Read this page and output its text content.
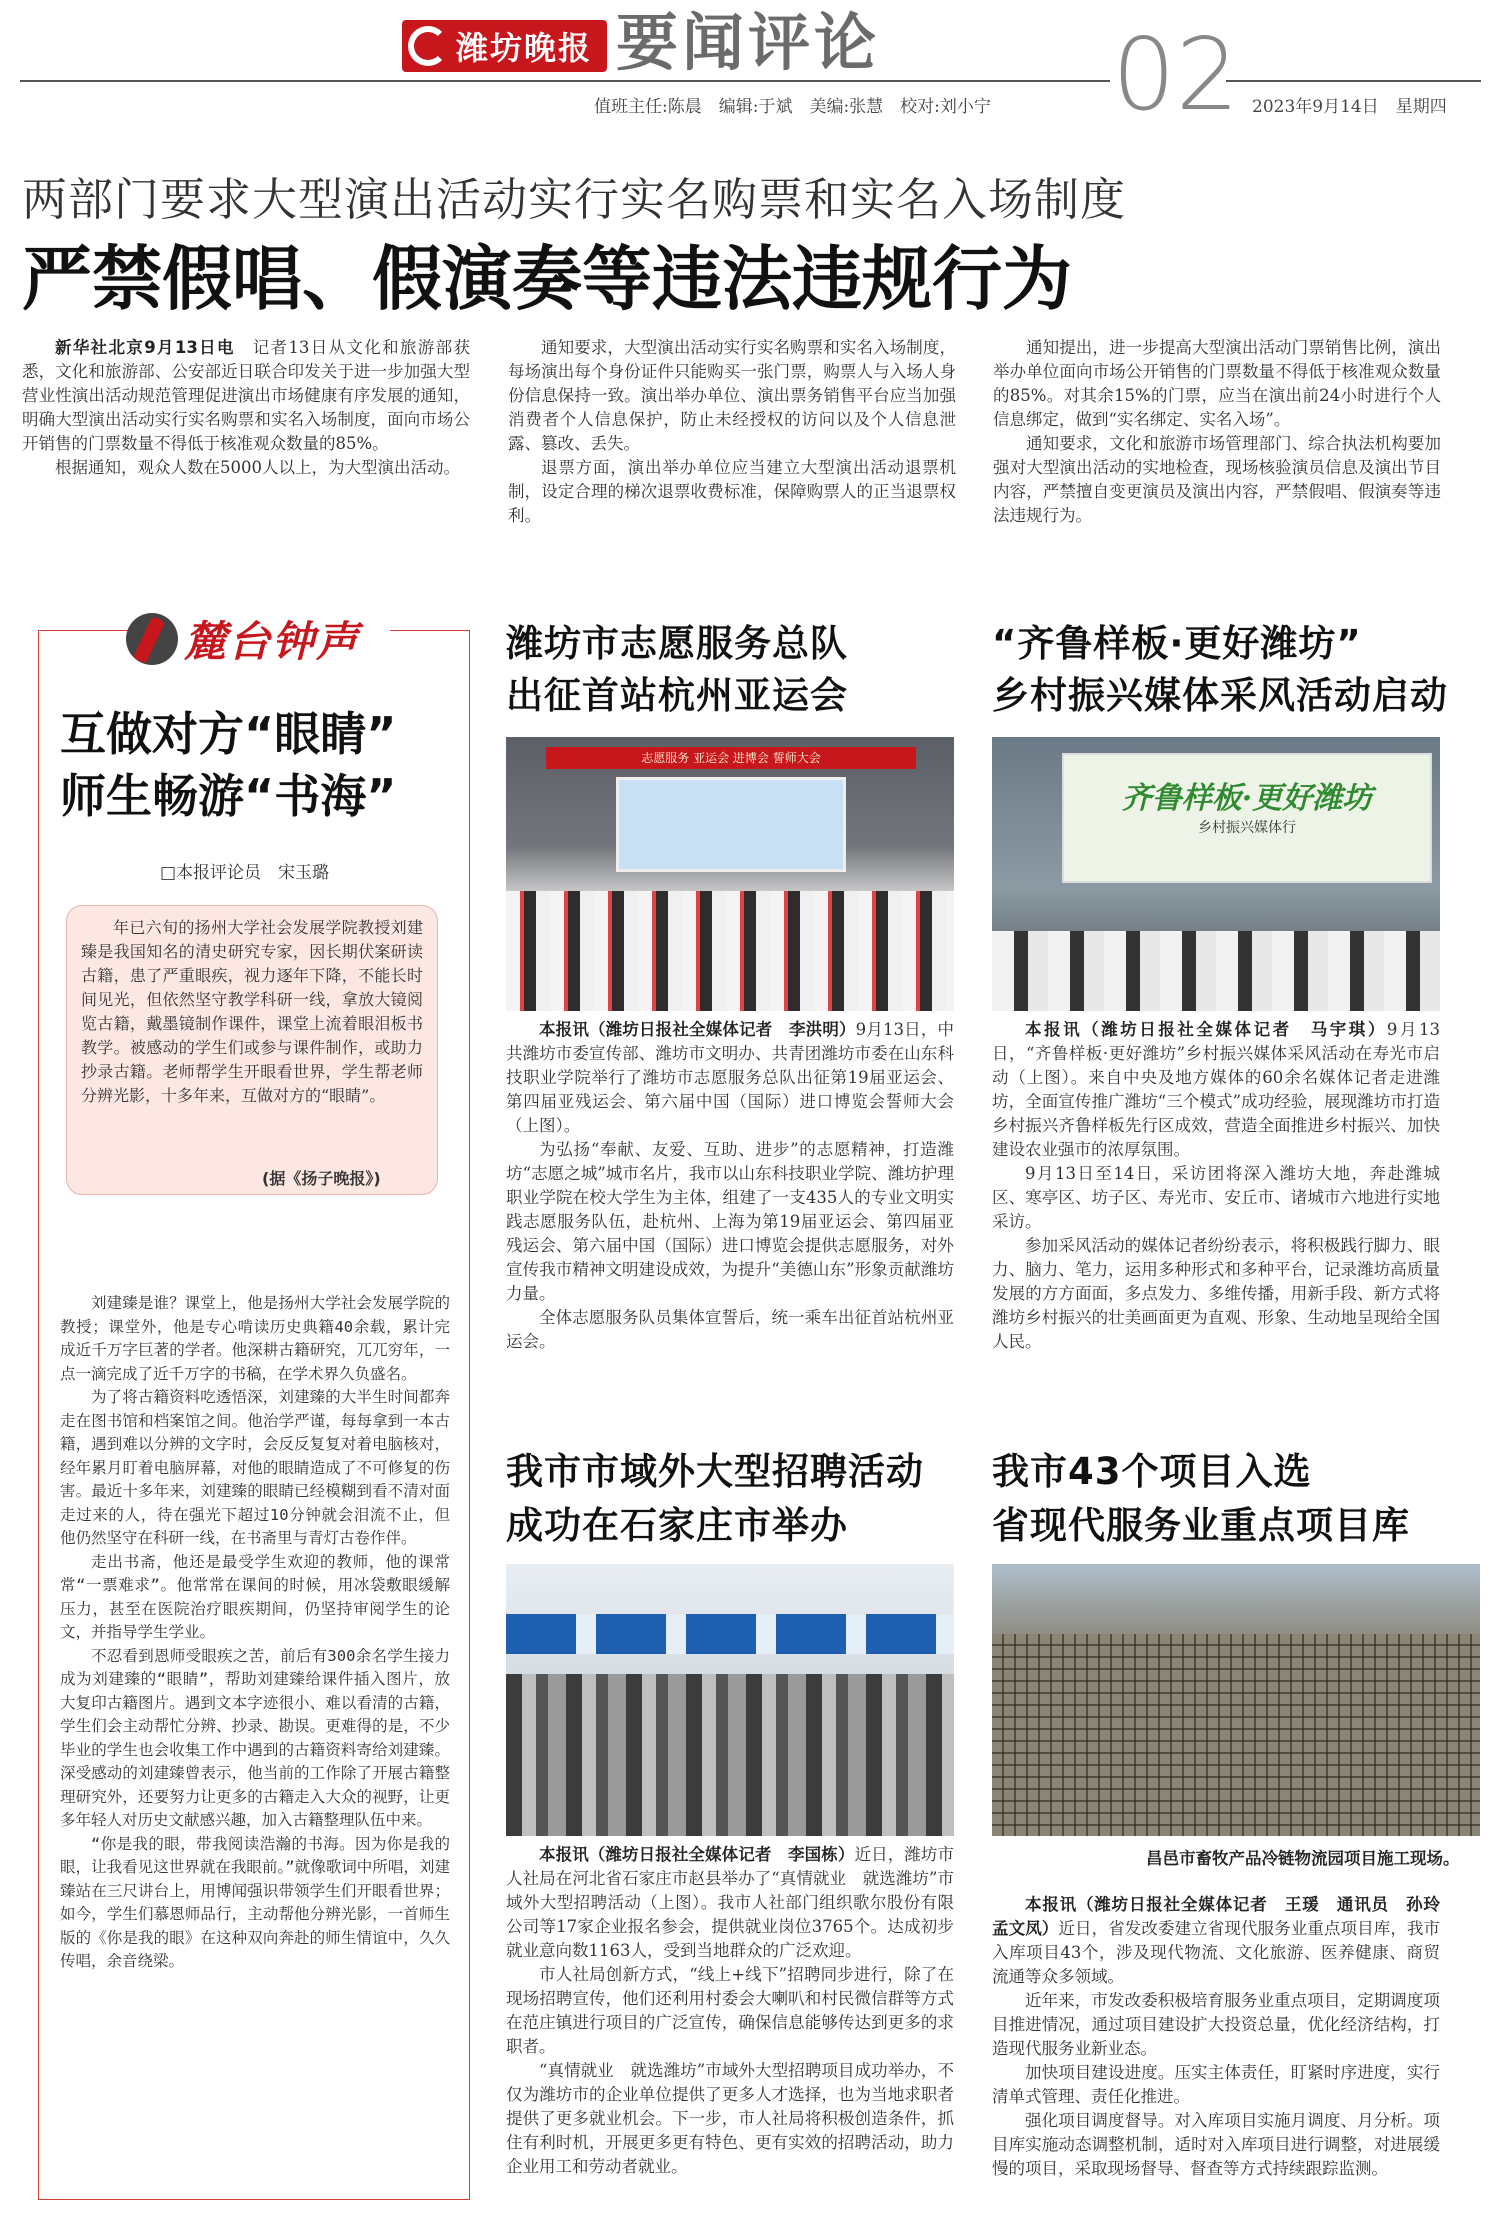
潍坊晚报 要闻评论
值班主任:陈晨　编辑:于斌　美编:张慧　校对:刘小宁 02 2023年9月14日　星期四
两部门要求大型演出活动实行实名购票和实名入场制度
严禁假唱、假演奏等违法违规行为

新华社北京9月13日电　 记者13日从文化和旅游部获悉，文化和旅游部、公安部近日联合印发关于进一步加强大型营业性演出活动规范管理促进演出市场健康有序发展的通知，明确大型演出活动实行实名购票和实名入场制度，面向市场公开销售的门票数量不得低于核准观众数量的85%。

根据通知，观众人数在5000人以上，为大型演出活动。

通知要求，大型演出活动实行实名购票和实名入场制度，每场演出每个身份证件只能购买一张门票，购票人与入场人身份信息保持一致。演出举办单位、演出票务销售平台应当加强消费者个人信息保护，防止未经授权的访问以及个人信息泄露、篡改、丢失。

退票方面，演出举办单位应当建立大型演出活动退票机制，设定合理的梯次退票收费标准，保障购票人的正当退票权利。

通知提出，进一步提高大型演出活动门票销售比例，演出举办单位面向市场公开销售的门票数量不得低于核准观众数量的85%。对其余15%的门票，应当在演出前24小时进行个人信息绑定，做到“实名绑定、实名入场”。

通知要求，文化和旅游市场管理部门、综合执法机构要加强对大型演出活动的实地检查，现场核验演员信息及演出节目内容，严禁擅自变更演员及演出内容，严禁假唱、假演奏等违法违规行为。

麓台钟声
互做对方“眼睛”
师生畅游“书海”
□本报评论员　宋玉璐
年已六旬的扬州大学社会发展学院教授刘建臻是我国知名的清史研究专家，因长期伏案研读古籍，患了严重眼疾，视力逐年下降，不能长时间见光，但依然坚守教学科研一线，拿放大镜阅览古籍，戴墨镜制作课件，课堂上流着眼泪板书教学。被感动的学生们或参与课件制作，或助力抄录古籍。老师帮学生开眼看世界，学生帮老师分辨光影，十多年来，互做对方的“眼睛”。
(据《扬子晚报》)

刘建臻是谁？课堂上，他是扬州大学社会发展学院的教授；课堂外，他是专心啃读历史典籍40余载，累计完成近千万字巨著的学者。他深耕古籍研究，兀兀穷年，一点一滴完成了近千万字的书稿，在学术界久负盛名。

为了将古籍资料吃透悟深，刘建臻的大半生时间都奔走在图书馆和档案馆之间。他治学严谨，每每拿到一本古籍，遇到难以分辨的文字时，会反反复复对着电脑核对，经年累月盯着电脑屏幕，对他的眼睛造成了不可修复的伤害。最近十多年来，刘建臻的眼睛已经模糊到看不清对面走过来的人，待在强光下超过10分钟就会泪流不止，但他仍然坚守在科研一线，在书斋里与青灯古卷作伴。

走出书斋，他还是最受学生欢迎的教师，他的课常常“一票难求”。他常常在课间的时候，用冰袋敷眼缓解压力，甚至在医院治疗眼疾期间，仍坚持审阅学生的论文，并指导学生学业。

不忍看到恩师受眼疾之苦，前后有300余名学生接力成为刘建臻的“眼睛”，帮助刘建臻给课件插入图片，放大复印古籍图片。遇到文本字迹很小、难以看清的古籍，学生们会主动帮忙分辨、抄录、勘误。更难得的是，不少毕业的学生也会收集工作中遇到的古籍资料寄给刘建臻。深受感动的刘建臻曾表示，他当前的工作除了开展古籍整理研究外，还要努力让更多的古籍走入大众的视野，让更多年轻人对历史文献感兴趣，加入古籍整理队伍中来。

“你是我的眼，带我阅读浩瀚的书海。因为你是我的眼，让我看见这世界就在我眼前。”就像歌词中所唱，刘建臻站在三尺讲台上，用博闻强识带领学生们开眼看世界；如今，学生们慕恩师品行，主动帮他分辨光影，一首师生版的《你是我的眼》在这种双向奔赴的师生情谊中，久久传唱，余音绕梁。

潍坊市志愿服务总队
出征首站杭州亚运会
志愿服务 亚运会 进博会 誓师大会

本报讯（潍坊日报社全媒体记者　李洪明）9月13日，中共潍坊市委宣传部、潍坊市文明办、共青团潍坊市委在山东科技职业学院举行了潍坊市志愿服务总队出征第19届亚运会、第四届亚残运会、第六届中国（国际）进口博览会誓师大会（上图）。

为弘扬“奉献、友爱、互助、进步”的志愿精神，打造潍坊“志愿之城”城市名片，我市以山东科技职业学院、潍坊护理职业学院在校大学生为主体，组建了一支435人的专业文明实践志愿服务队伍，赴杭州、上海为第19届亚运会、第四届亚残运会、第六届中国（国际）进口博览会提供志愿服务，对外宣传我市精神文明建设成效，为提升“美德山东”形象贡献潍坊力量。

全体志愿服务队员集体宣誓后，统一乘车出征首站杭州亚运会。

“齐鲁样板·更好潍坊”
乡村振兴媒体采风活动启动
齐鲁样板·更好潍坊
乡村振兴媒体行

本报讯（潍坊日报社全媒体记者　马宇琪）9月13日，“齐鲁样板·更好潍坊”乡村振兴媒体采风活动在寿光市启动（上图）。来自中央及地方媒体的60余名媒体记者走进潍坊，全面宣传推广潍坊“三个模式”成功经验，展现潍坊市打造乡村振兴齐鲁样板先行区成效，营造全面推进乡村振兴、加快建设农业强市的浓厚氛围。

9月13日至14日，采访团将深入潍坊大地，奔赴潍城区、寒亭区、坊子区、寿光市、安丘市、诸城市六地进行实地采访。

参加采风活动的媒体记者纷纷表示，将积极践行脚力、眼力、脑力、笔力，运用多种形式和多种平台，记录潍坊高质量发展的方方面面，多点发力、多维传播，用新手段、新方式将潍坊乡村振兴的壮美画面更为直观、形象、生动地呈现给全国人民。

我市市域外大型招聘活动
成功在石家庄市举办

本报讯（潍坊日报社全媒体记者　李国栋）近日，潍坊市人社局在河北省石家庄市赵县举办了“真情就业　就选潍坊”市域外大型招聘活动（上图）。我市人社部门组织歌尔股份有限公司等17家企业报名参会，提供就业岗位3765个。达成初步就业意向数1163人，受到当地群众的广泛欢迎。

市人社局创新方式，“线上+线下”招聘同步进行，除了在现场招聘宣传，他们还利用村委会大喇叭和村民微信群等方式在范庄镇进行项目的广泛宣传，确保信息能够传达到更多的求职者。

“真情就业　就选潍坊”市域外大型招聘项目成功举办，不仅为潍坊市的企业单位提供了更多人才选择，也为当地求职者提供了更多就业机会。下一步，市人社局将积极创造条件，抓住有利时机，开展更多更有特色、更有实效的招聘活动，助力企业用工和劳动者就业。

我市43个项目入选
省现代服务业重点项目库
昌邑市畜牧产品冷链物流园项目施工现场。

本报讯（潍坊日报社全媒体记者　王瑗　通讯员　孙玲　孟文凤）近日，省发改委建立省现代服务业重点项目库，我市入库项目43个，涉及现代物流、文化旅游、医养健康、商贸流通等众多领域。

近年来，市发改委积极培育服务业重点项目，定期调度项目推进情况，通过项目建设扩大投资总量，优化经济结构，打造现代服务业新业态。

加快项目建设进度。压实主体责任，盯紧时序进度，实行清单式管理、责任化推进。

强化项目调度督导。对入库项目实施月调度、月分析。项目库实施动态调整机制，适时对入库项目进行调整，对进展缓慢的项目，采取现场督导、督查等方式持续跟踪监测。
